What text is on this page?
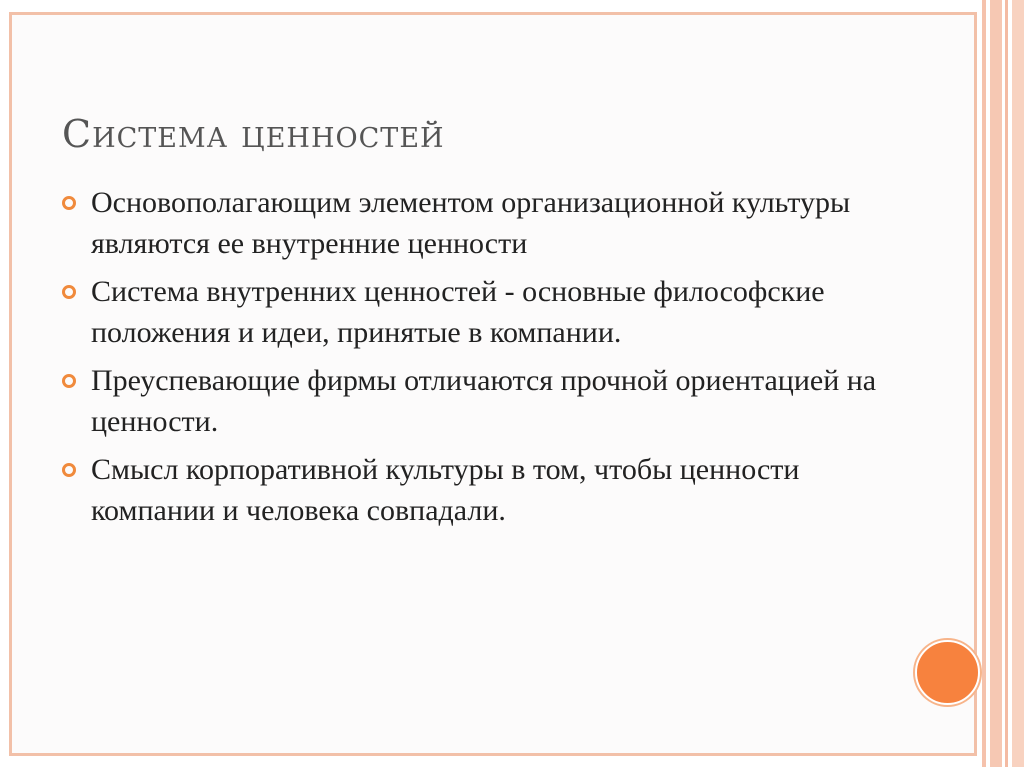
Система ценностей
Основополагающим элементом организационной культуры являются ее внутренние ценности
Система внутренних ценностей - основные философские положения и идеи, принятые в компании.
Преуспевающие фирмы отличаются прочной ориентацией на ценности.
Смысл корпоративной культуры в том, чтобы ценности компании и человека совпадали.
